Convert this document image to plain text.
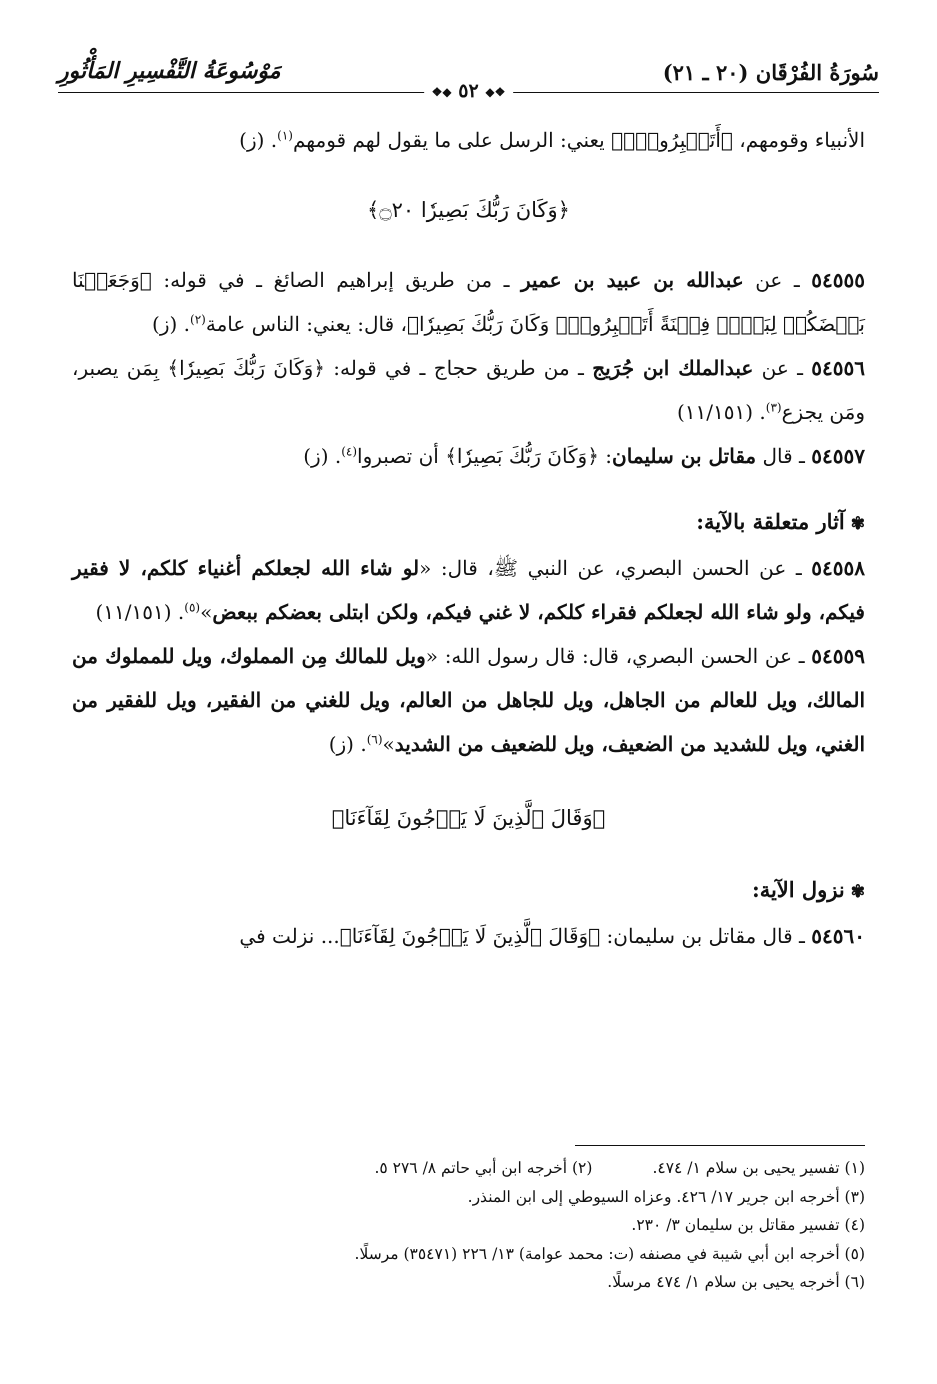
سُورَةُ الفُرْقَان (٢٠ ـ ٢١)
مَوْسُوعَةُ التَّفْسِيرِ المَأْثُورِ
❖◆ ٥٢ ◆❖

الأنبياء وقومهم، ﴿أَتَصۡبِرُونَۗ﴾ يعني: الرسل على ما يقول لهم قومهم$^{(١)}$. (ز)

﴿وَكَانَ رَبُّكَ بَصِيرٗا ۝٢٠﴾

٥٤٥٥٥ ـ عن عبدالله بن عبيد بن عمير ـ من طريق إبراهيم الصائغ ـ في قوله: ﴿وَجَعَلۡنَا بَعۡضَكُمۡ لِبَعۡضٖ فِتۡنَةً أَتَصۡبِرُونَۗ وَكَانَ رَبُّكَ بَصِيرٗا﴾، قال: يعني: الناس عامة$^{(٢)}$. (ز)

٥٤٥٥٦ ـ عن عبدالملك ابن جُرَيج ـ من طريق حجاج ـ في قوله: ﴿وَكَانَ رَبُّكَ بَصِيرٗا﴾ بِمَن يصبر، ومَن يجزع$^{(٣)}$. (١١/١٥١)

٥٤٥٥٧ ـ قال مقاتل بن سليمان: ﴿وَكَانَ رَبُّكَ بَصِيرٗا﴾ أن تصبروا$^{(٤)}$. (ز)

✾آثار متعلقة بالآية:

٥٤٥٥٨ ـ عن الحسن البصري، عن النبي ﷺ، قال: «لو شاء الله لجعلكم أغنياء كلكم، لا فقير فيكم، ولو شاء الله لجعلكم فقراء كلكم، لا غني فيكم، ولكن ابتلى بعضكم ببعض»$^{(٥)}$. (١١/١٥١)

٥٤٥٥٩ ـ عن الحسن البصري، قال: قال رسول الله: «ويل للمالك مِن المملوك، ويل للمملوك من المالك، ويل للعالم من الجاهل، ويل للجاهل من العالم، ويل للغني من الفقير، ويل للفقير من الغني، ويل للشديد من الضعيف، ويل للضعيف من الشديد»$^{(٦)}$. (ز)

﴿وَقَالَ ٱلَّذِينَ لَا يَرۡجُونَ لِقَآءَنَا﴾

✾نزول الآية:

٥٤٥٦٠ ـ قال مقاتل بن سليمان: ﴿وَقَالَ ٱلَّذِينَ لَا يَرۡجُونَ لِقَآءَنَا﴾... نزلت في

(١) تفسير يحيى بن سلام ١/ ٤٧٤.
(٢) أخرجه ابن أبي حاتم ٨/ ٢٧٦ ٥.
(٣) أخرجه ابن جرير ١٧/ ٤٢٦. وعزاه السيوطي إلى ابن المنذر.
(٤) تفسير مقاتل بن سليمان ٣/ ٢٣٠.
(٥) أخرجه ابن أبي شيبة في مصنفه (ت: محمد عوامة) ١٣/ ٢٢٦ (٣٥٤٧١) مرسلًا.
(٦) أخرجه يحيى بن سلام ١/ ٤٧٤ مرسلًا.
